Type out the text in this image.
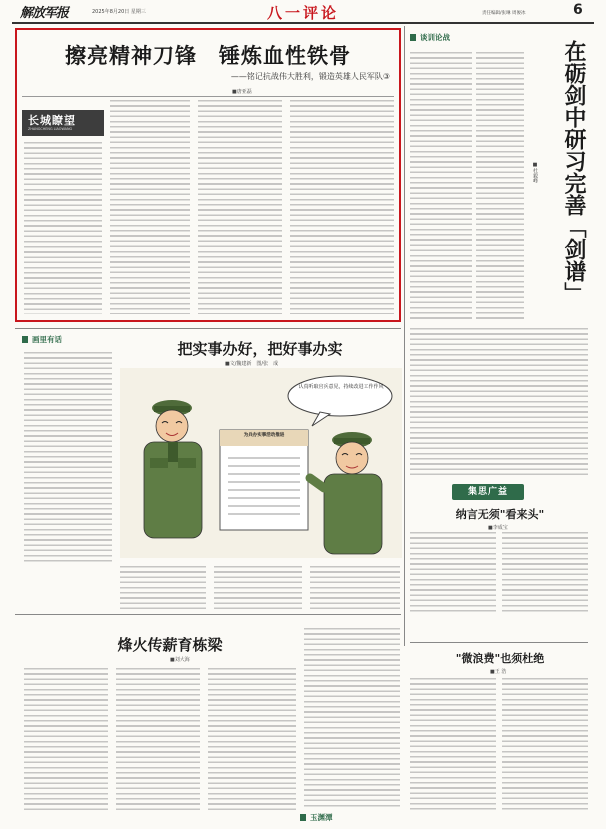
解放军报	2025年8月20日 星期三	八一评论	责任编辑/张琳 周俊冰	6
擦亮精神刀锋　锤炼血性铁骨
——铭记抗战伟大胜利，锻造英雄人民军队③
■唐亚磊
长城瞭望
ZHANGCHENG LIAOWANG
谈训论战
在砺剑中研习完善「剑谱」
■杜毅峰
画里有话
把实事办好，把好事办实
■文/魏建新　图/张　成
认真听取官兵意见，持续改进工作作风
为兵办实事活动推进
烽火传薪育栋梁
■刘大海
玉渊潭
集思广益
纳言无须"看来头"
■李成宝
"微浪费"也须杜绝
■王 浩
